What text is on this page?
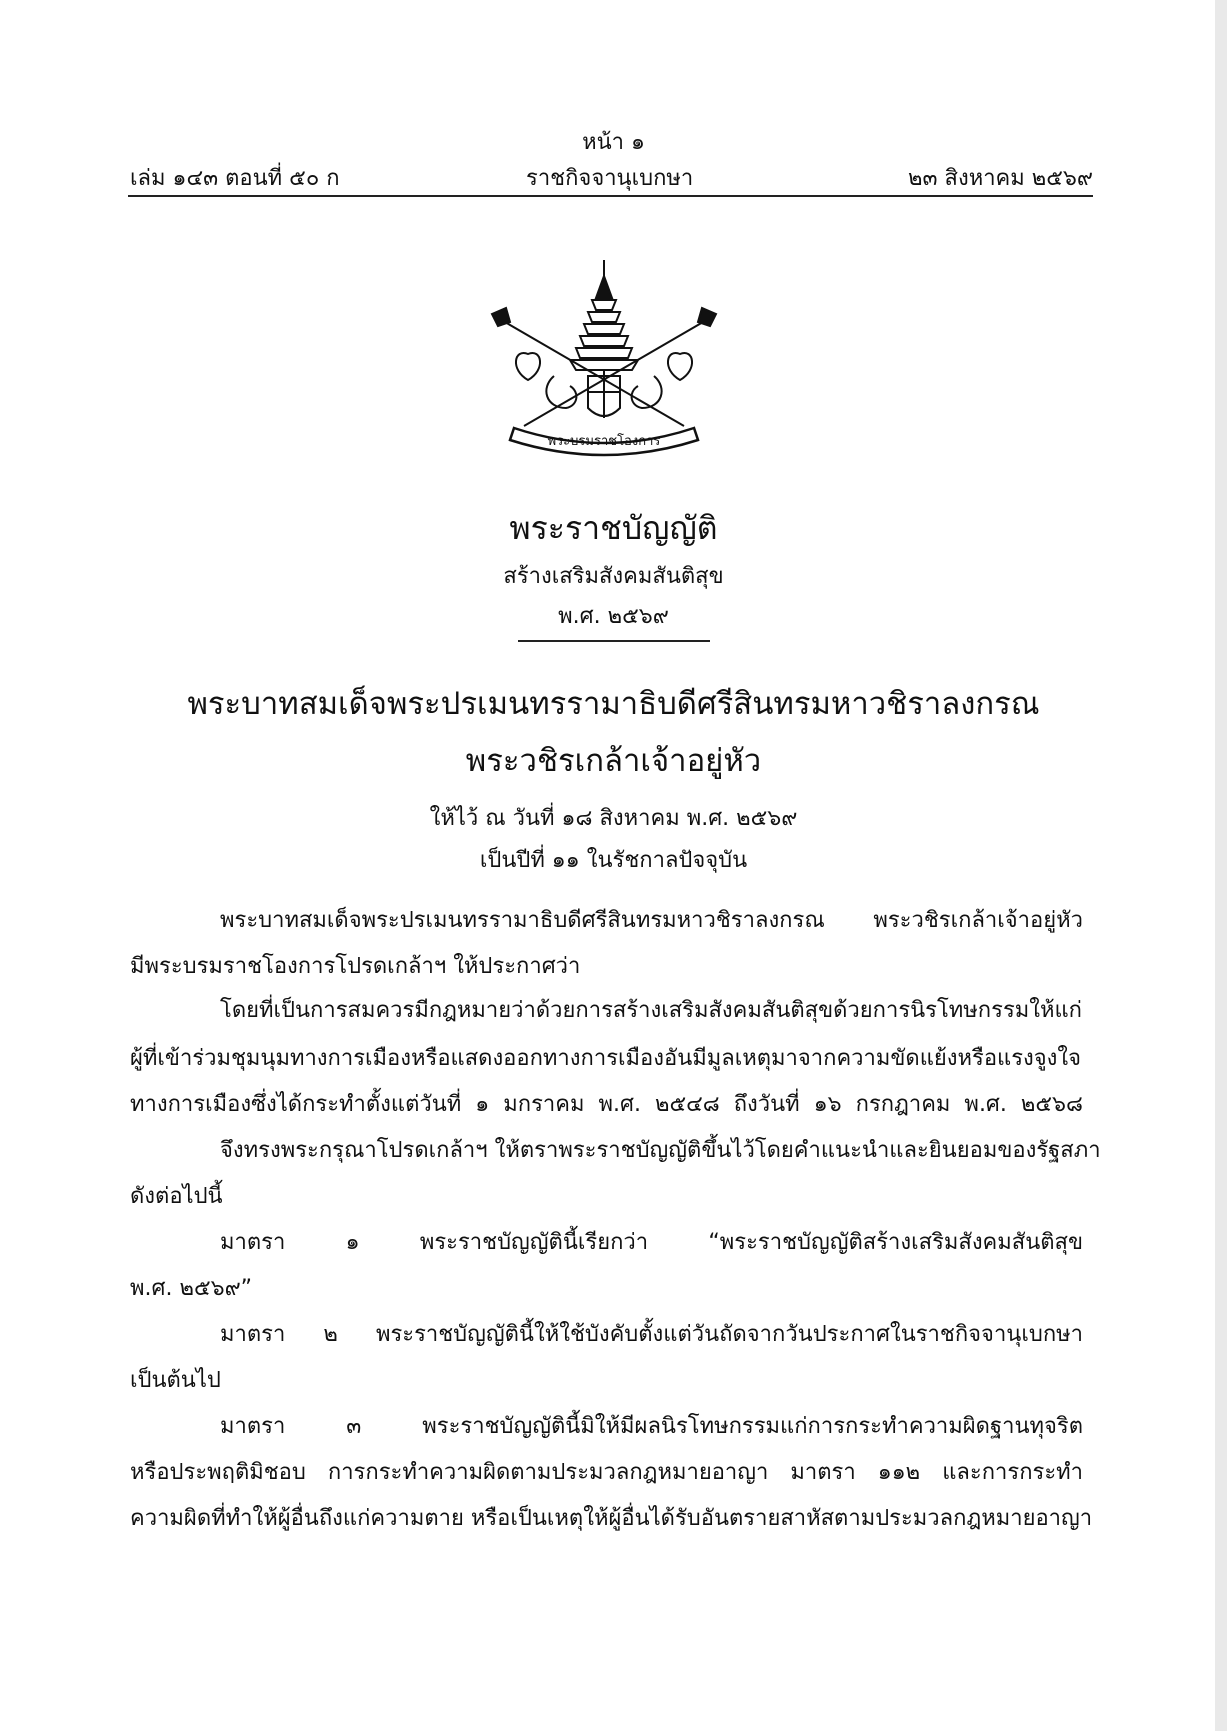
หน้า ๑
เล่ม ๑๔๓ ตอนที่ ๕๐ ก	ราชกิจจานุเบกษา	๒๓ สิงหาคม ๒๕๖๙
พระบรมราชโองการ
พระราชบัญญัติ
สร้างเสริมสังคมสันติสุข
พ.ศ. ๒๕๖๙
พระบาทสมเด็จพระปรเมนทรรามาธิบดีศรีสินทรมหาวชิราลงกรณ
พระวชิรเกล้าเจ้าอยู่หัว
ให้ไว้ ณ วันที่ ๑๘ สิงหาคม พ.ศ. ๒๕๖๙
เป็นปีที่ ๑๑ ในรัชกาลปัจจุบัน
พระบาทสมเด็จพระปรเมนทรรามาธิบดีศรีสินทรมหาวชิราลงกรณ พระวชิรเกล้าเจ้าอยู่หัว
มีพระบรมราชโองการโปรดเกล้าฯ ให้ประกาศว่า
โดยที่เป็นการสมควรมีกฎหมายว่าด้วยการสร้างเสริมสังคมสันติสุขด้วยการนิรโทษกรรมให้แก่
ผู้ที่เข้าร่วมชุมนุมทางการเมืองหรือแสดงออกทางการเมืองอันมีมูลเหตุมาจากความขัดแย้งหรือแรงจูงใจ
ทางการเมืองซึ่งได้กระทำตั้งแต่วันที่ ๑ มกราคม พ.ศ. ๒๕๔๘ ถึงวันที่ ๑๖ กรกฎาคม พ.ศ. ๒๕๖๘
จึงทรงพระกรุณาโปรดเกล้าฯ ให้ตราพระราชบัญญัติขึ้นไว้โดยคำแนะนำและยินยอมของรัฐสภา
ดังต่อไปนี้
มาตรา ๑ พระราชบัญญัตินี้เรียกว่า “พระราชบัญญัติสร้างเสริมสังคมสันติสุข
พ.ศ. ๒๕๖๙”
มาตรา ๒ พระราชบัญญัตินี้ให้ใช้บังคับตั้งแต่วันถัดจากวันประกาศในราชกิจจานุเบกษา
เป็นต้นไป
มาตรา ๓ พระราชบัญญัตินี้มิให้มีผลนิรโทษกรรมแก่การกระทำความผิดฐานทุจริต
หรือประพฤติมิชอบ การกระทำความผิดตามประมวลกฎหมายอาญา มาตรา ๑๑๒ และการกระทำ
ความผิดที่ทำให้ผู้อื่นถึงแก่ความตาย หรือเป็นเหตุให้ผู้อื่นได้รับอันตรายสาหัสตามประมวลกฎหมายอาญา
